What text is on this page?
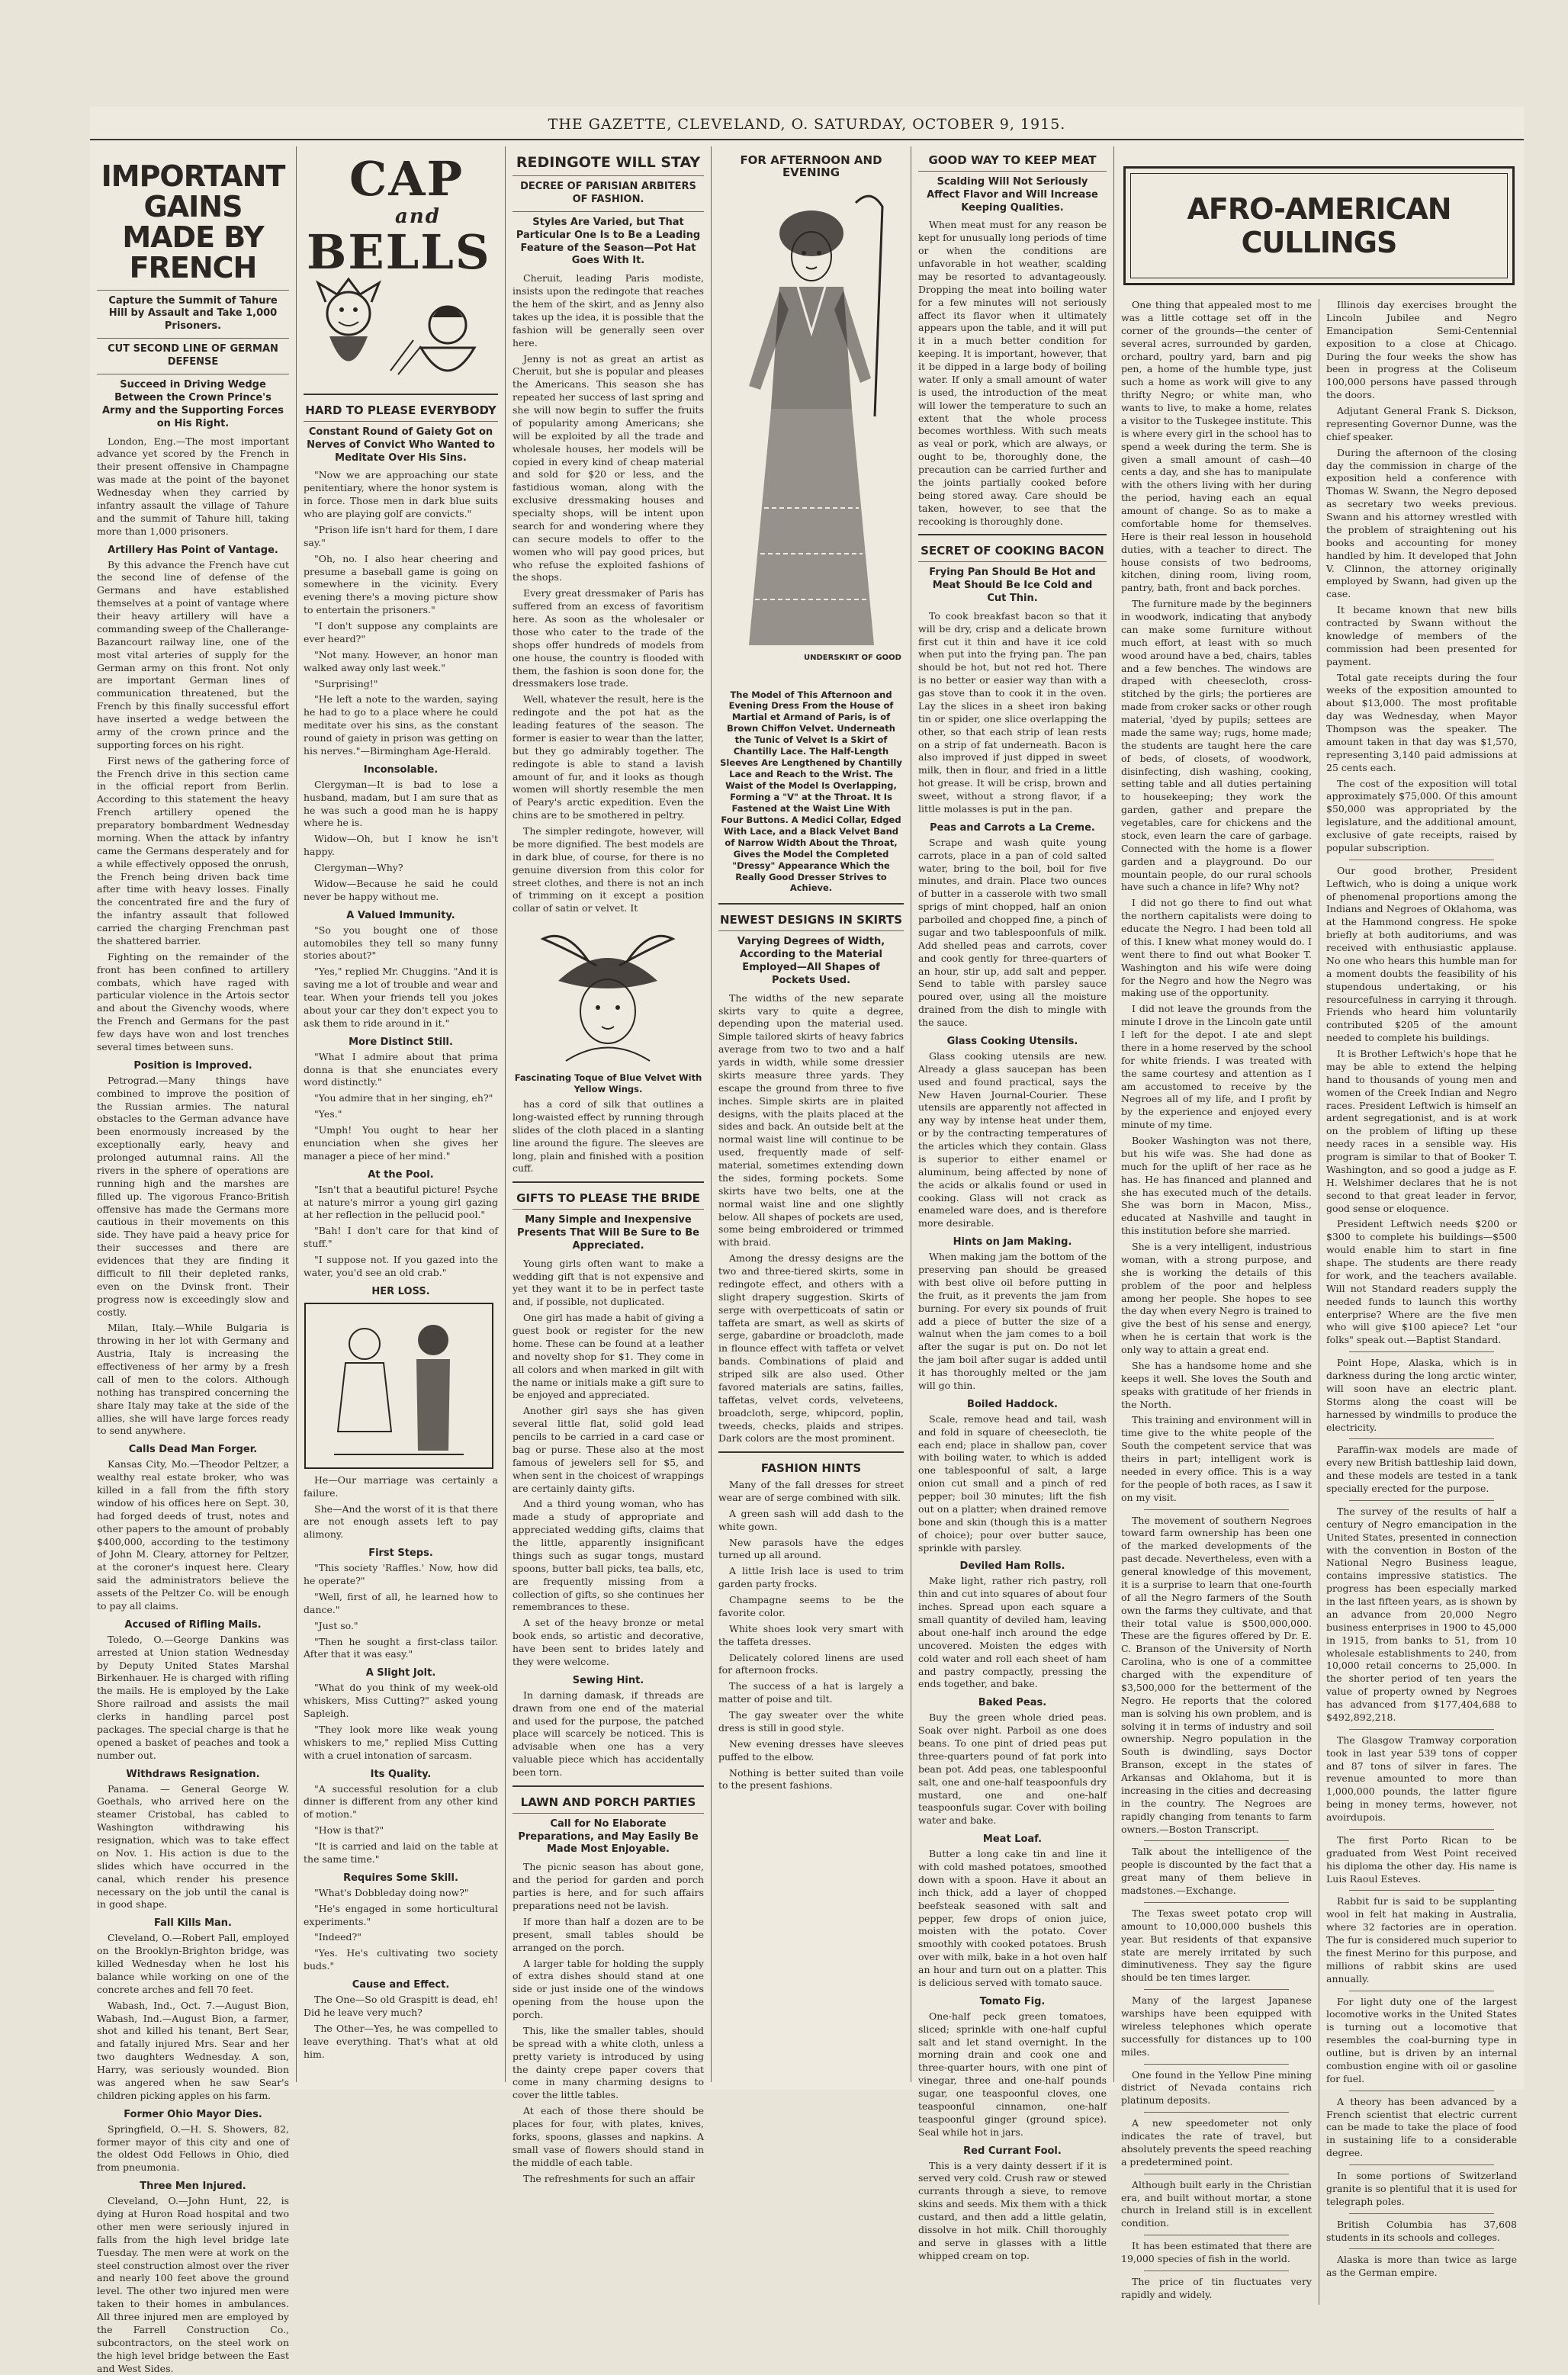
THE GAZETTE, CLEVELAND, O. SATURDAY, OCTOBER 9, 1915.
IMPORTANT GAINS MADE BY FRENCH
Capture the Summit of Tahure Hill by Assault and Take 1,000 Prisoners.
CUT SECOND LINE OF GERMAN DEFENSE
Succeed in Driving Wedge Between the Crown Prince's Army and the Supporting Forces on His Right.

London, Eng.—The most important advance yet scored by the French in their present offensive in Champagne was made at the point of the bayonet Wednesday when they carried by infantry assault the village of Tahure and the summit of Tahure hill, taking more than 1,000 prisoners.

Artillery Has Point of Vantage.

By this advance the French have cut the second line of defense of the Germans and have established themselves at a point of vantage where their heavy artillery will have a commanding sweep of the Challerange-Bazancourt railway line, one of the most vital arteries of supply for the German army on this front. Not only are important German lines of communication threatened, but the French by this finally successful effort have inserted a wedge between the army of the crown prince and the supporting forces on his right.

First news of the gathering force of the French drive in this section came in the official report from Berlin. According to this statement the heavy French artillery opened the preparatory bombardment Wednesday morning. When the attack by infantry came the Germans desperately and for a while effectively opposed the onrush, the French being driven back time after time with heavy losses. Finally the concentrated fire and the fury of the infantry assault that followed carried the charging Frenchman past the shattered barrier.

Fighting on the remainder of the front has been confined to artillery combats, which have raged with particular violence in the Artois sector and about the Givenchy woods, where the French and Germans for the past few days have won and lost trenches several times between suns.

Position is Improved.

Petrograd.—Many things have combined to improve the position of the Russian armies. The natural obstacles to the German advance have been enormously increased by the exceptionally early, heavy and prolonged autumnal rains. All the rivers in the sphere of operations are running high and the marshes are filled up. The vigorous Franco-British offensive has made the Germans more cautious in their movements on this side. They have paid a heavy price for their successes and there are evidences that they are finding it difficult to fill their depleted ranks, even on the Dvinsk front. Their progress now is exceedingly slow and costly.

Milan, Italy.—While Bulgaria is throwing in her lot with Germany and Austria, Italy is increasing the effectiveness of her army by a fresh call of men to the colors. Although nothing has transpired concerning the share Italy may take at the side of the allies, she will have large forces ready to send anywhere.

Calls Dead Man Forger.

Kansas City, Mo.—Theodor Peltzer, a wealthy real estate broker, who was killed in a fall from the fifth story window of his offices here on Sept. 30, had forged deeds of trust, notes and other papers to the amount of probably $400,000, according to the testimony of John M. Cleary, attorney for Peltzer, at the coroner's inquest here. Cleary said the administrators believe the assets of the Peltzer Co. will be enough to pay all claims.

Accused of Rifling Mails.

Toledo, O.—George Dankins was arrested at Union station Wednesday by Deputy United States Marshal Birkenhauer. He is charged with rifling the mails. He is employed by the Lake Shore railroad and assists the mail clerks in handling parcel post packages. The special charge is that he opened a basket of peaches and took a number out.

Withdraws Resignation.

Panama. — General George W. Goethals, who arrived here on the steamer Cristobal, has cabled to Washington withdrawing his resignation, which was to take effect on Nov. 1. His action is due to the slides which have occurred in the canal, which render his presence necessary on the job until the canal is in good shape.

Fall Kills Man.

Cleveland, O.—Robert Pall, employed on the Brooklyn-Brighton bridge, was killed Wednesday when he lost his balance while working on one of the concrete arches and fell 70 feet.

Wabash, Ind., Oct. 7.—August Bion, Wabash, Ind.—August Bion, a farmer, shot and killed his tenant, Bert Sear, and fatally injured Mrs. Sear and her two daughters Wednesday. A son, Harry, was seriously wounded. Bion was angered when he saw Sear's children picking apples on his farm.

Former Ohio Mayor Dies.

Springfield, O.—H. S. Showers, 82, former mayor of this city and one of the oldest Odd Fellows in Ohio, died from pneumonia.

Three Men Injured.

Cleveland, O.—John Hunt, 22, is dying at Huron Road hospital and two other men were seriously injured in falls from the high level bridge late Tuesday. The men were at work on the steel construction almost over the river and nearly 100 feet above the ground level. The other two injured men were taken to their homes in ambulances. All three injured men are employed by the Farrell Construction Co., subcontractors, on the steel work on the high level bridge between the East and West Sides.

CAP
and
BELLS
HARD TO PLEASE EVERYBODY
Constant Round of Gaiety Got on Nerves of Convict Who Wanted to Meditate Over His Sins.

"Now we are approaching our state penitentiary, where the honor system is in force. Those men in dark blue suits who are playing golf are convicts."

"Prison life isn't hard for them, I dare say."

"Oh, no. I also hear cheering and presume a baseball game is going on somewhere in the vicinity. Every evening there's a moving picture show to entertain the prisoners."

"I don't suppose any complaints are ever heard?"

"Not many. However, an honor man walked away only last week."

"Surprising!"

"He left a note to the warden, saying he had to go to a place where he could meditate over his sins, as the constant round of gaiety in prison was getting on his nerves."—Birmingham Age-Herald.

Inconsolable.

Clergyman—It is bad to lose a husband, madam, but I am sure that as he was such a good man he is happy where he is.

Widow—Oh, but I know he isn't happy.

Clergyman—Why?

Widow—Because he said he could never be happy without me.

A Valued Immunity.

"So you bought one of those automobiles they tell so many funny stories about?"

"Yes," replied Mr. Chuggins. "And it is saving me a lot of trouble and wear and tear. When your friends tell you jokes about your car they don't expect you to ask them to ride around in it."

More Distinct Still.

"What I admire about that prima donna is that she enunciates every word distinctly."

"You admire that in her singing, eh?"

"Yes."

"Umph! You ought to hear her enunciation when she gives her manager a piece of her mind."

At the Pool.

"Isn't that a beautiful picture! Psyche at nature's mirror a young girl gazing at her reflection in the pellucid pool."

"Bah! I don't care for that kind of stuff."

"I suppose not. If you gazed into the water, you'd see an old crab."

HER LOSS.

He—Our marriage was certainly a failure.

She—And the worst of it is that there are not enough assets left to pay alimony.

First Steps.

"This society 'Raffles.' Now, how did he operate?"

"Well, first of all, he learned how to dance."

"Just so."

"Then he sought a first-class tailor. After that it was easy."

A Slight Jolt.

"What do you think of my week-old whiskers, Miss Cutting?" asked young Sapleigh.

"They look more like weak young whiskers to me," replied Miss Cutting with a cruel intonation of sarcasm.

Its Quality.

"A successful resolution for a club dinner is different from any other kind of motion."

"How is that?"

"It is carried and laid on the table at the same time."

Requires Some Skill.

"What's Dobbleday doing now?"

"He's engaged in some horticultural experiments."

"Indeed?"

"Yes. He's cultivating two society buds."

Cause and Effect.

The One—So old Graspitt is dead, eh! Did he leave very much?

The Other—Yes, he was compelled to leave everything. That's what at old him.

REDINGOTE WILL STAY
DECREE OF PARISIAN ARBITERS OF FASHION.
Styles Are Varied, but That Particular One Is to Be a Leading Feature of the Season—Pot Hat Goes With It.

Cheruit, leading Paris modiste, insists upon the redingote that reaches the hem of the skirt, and as Jenny also takes up the idea, it is possible that the fashion will be generally seen over here.

Jenny is not as great an artist as Cheruit, but she is popular and pleases the Americans. This season she has repeated her success of last spring and she will now begin to suffer the fruits of popularity among Americans; she will be exploited by all the trade and wholesale houses, her models will be copied in every kind of cheap material and sold for $20 or less, and the fastidious woman, along with the exclusive dressmaking houses and specialty shops, will be intent upon search for and wondering where they can secure models to offer to the women who will pay good prices, but who refuse the exploited fashions of the shops.

Every great dressmaker of Paris has suffered from an excess of favoritism here. As soon as the wholesaler or those who cater to the trade of the shops offer hundreds of models from one house, the country is flooded with them, the fashion is soon done for, the dressmakers lose trade.

Well, whatever the result, here is the redingote and the pot hat as the leading features of the season. The former is easier to wear than the latter, but they go admirably together. The redingote is able to stand a lavish amount of fur, and it looks as though women will shortly resemble the men of Peary's arctic expedition. Even the chins are to be smothered in peltry.

The simpler redingote, however, will be more dignified. The best models are in dark blue, of course, for there is no genuine diversion from this color for street clothes, and there is not an inch of trimming on it except a position collar of satin or velvet. It

Fascinating Toque of Blue Velvet With Yellow Wings.

has a cord of silk that outlines a long-waisted effect by running through slides of the cloth placed in a slanting line around the figure. The sleeves are long, plain and finished with a position cuff.

GIFTS TO PLEASE THE BRIDE
Many Simple and Inexpensive Presents That Will Be Sure to Be Appreciated.

Young girls often want to make a wedding gift that is not expensive and yet they want it to be in perfect taste and, if possible, not duplicated.

One girl has made a habit of giving a guest book or register for the new home. These can be found at a leather and novelty shop for $1. They come in all colors and when marked in gilt with the name or initials make a gift sure to be enjoyed and appreciated.

Another girl says she has given several little flat, solid gold lead pencils to be carried in a card case or bag or purse. These also at the most famous of jewelers sell for $5, and when sent in the choicest of wrappings are certainly dainty gifts.

And a third young woman, who has made a study of appropriate and appreciated wedding gifts, claims that the little, apparently insignificant things such as sugar tongs, mustard spoons, butter ball picks, tea balls, etc, are frequently missing from a collection of gifts, so she continues her remembrances to these.

A set of the heavy bronze or metal book ends, so artistic and decorative, have been sent to brides lately and they were welcome.

Sewing Hint.

In darning damask, if threads are drawn from one end of the material and used for the purpose, the patched place will scarcely be noticed. This is advisable when one has a very valuable piece which has accidentally been torn.

LAWN AND PORCH PARTIES
Call for No Elaborate Preparations, and May Easily Be Made Most Enjoyable.

The picnic season has about gone, and the period for garden and porch parties is here, and for such affairs preparations need not be lavish.

If more than half a dozen are to be present, small tables should be arranged on the porch.

A larger table for holding the supply of extra dishes should stand at one side or just inside one of the windows opening from the house upon the porch.

This, like the smaller tables, should be spread with a white cloth, unless a pretty variety is introduced by using the dainty crepe paper covers that come in many charming designs to cover the little tables.

At each of those there should be places for four, with plates, knives, forks, spoons, glasses and napkins. A small vase of flowers should stand in the middle of each table.

The refreshments for such an affair

FOR AFTERNOON AND EVENING
UNDERSKIRT OF GOOD
The Model of This Afternoon and Evening Dress From the House of Martial et Armand of Paris, is of Brown Chiffon Velvet. Underneath the Tunic of Velvet Is a Skirt of Chantilly Lace. The Half-Length Sleeves Are Lengthened by Chantilly Lace and Reach to the Wrist. The Waist of the Model Is Overlapping, Forming a "V" at the Throat. It Is Fastened at the Waist Line With Four Buttons. A Medici Collar, Edged With Lace, and a Black Velvet Band of Narrow Width About the Throat, Gives the Model the Completed "Dressy" Appearance Which the Really Good Dresser Strives to Achieve.
NEWEST DESIGNS IN SKIRTS
Varying Degrees of Width, According to the Material Employed—All Shapes of Pockets Used.

The widths of the new separate skirts vary to quite a degree, depending upon the material used. Simple tailored skirts of heavy fabrics average from two to two and a half yards in width, while some dressier skirts measure three yards. They escape the ground from three to five inches. Simple skirts are in plaited designs, with the plaits placed at the sides and back. An outside belt at the normal waist line will continue to be used, frequently made of self-material, sometimes extending down the sides, forming pockets. Some skirts have two belts, one at the normal waist line and one slightly below. All shapes of pockets are used, some being embroidered or trimmed with braid.

Among the dressy designs are the two and three-tiered skirts, some in redingote effect, and others with a slight drapery suggestion. Skirts of serge with overpetticoats of satin or taffeta are smart, as well as skirts of serge, gabardine or broadcloth, made in flounce effect with taffeta or velvet bands. Combinations of plaid and striped silk are also used. Other favored materials are satins, failles, taffetas, velvet cords, velveteens, broadcloth, serge, whipcord, poplin, tweeds, checks, plaids and stripes. Dark colors are the most prominent.

FASHION HINTS

Many of the fall dresses for street wear are of serge combined with silk.

A green sash will add dash to the white gown.

New parasols have the edges turned up all around.

A little Irish lace is used to trim garden party frocks.

Champagne seems to be the favorite color.

White shoes look very smart with the taffeta dresses.

Delicately colored linens are used for afternoon frocks.

The success of a hat is largely a matter of poise and tilt.

The gay sweater over the white dress is still in good style.

New evening dresses have sleeves puffed to the elbow.

Nothing is better suited than voile to the present fashions.

GOOD WAY TO KEEP MEAT
Scalding Will Not Seriously Affect Flavor and Will Increase Keeping Qualities.

When meat must for any reason be kept for unusually long periods of time or when the conditions are unfavorable in hot weather, scalding may be resorted to advantageously. Dropping the meat into boiling water for a few minutes will not seriously affect its flavor when it ultimately appears upon the table, and it will put it in a much better condition for keeping. It is important, however, that it be dipped in a large body of boiling water. If only a small amount of water is used, the introduction of the meat will lower the temperature to such an extent that the whole process becomes worthless. With such meats as veal or pork, which are always, or ought to be, thoroughly done, the precaution can be carried further and the joints partially cooked before being stored away. Care should be taken, however, to see that the recooking is thoroughly done.

SECRET OF COOKING BACON
Frying Pan Should Be Hot and Meat Should Be Ice Cold and Cut Thin.

To cook breakfast bacon so that it will be dry, crisp and a delicate brown first cut it thin and have it ice cold when put into the frying pan. The pan should be hot, but not red hot. There is no better or easier way than with a gas stove than to cook it in the oven. Lay the slices in a sheet iron baking tin or spider, one slice overlapping the other, so that each strip of lean rests on a strip of fat underneath. Bacon is also improved if just dipped in sweet milk, then in flour, and fried in a little hot grease. It will be crisp, brown and sweet, without a strong flavor, if a little molasses is put in the pan.

Peas and Carrots a La Creme.

Scrape and wash quite young carrots, place in a pan of cold salted water, bring to the boil, boil for five minutes, and drain. Place two ounces of butter in a casserole with two small sprigs of mint chopped, half an onion parboiled and chopped fine, a pinch of sugar and two tablespoonfuls of milk. Add shelled peas and carrots, cover and cook gently for three-quarters of an hour, stir up, add salt and pepper. Send to table with parsley sauce poured over, using all the moisture drained from the dish to mingle with the sauce.

Glass Cooking Utensils.

Glass cooking utensils are new. Already a glass saucepan has been used and found practical, says the New Haven Journal-Courier. These utensils are apparently not affected in any way by intense heat under them, or by the contracting temperatures of the articles which they contain. Glass is superior to either enamel or aluminum, being affected by none of the acids or alkalis found or used in cooking. Glass will not crack as enameled ware does, and is therefore more desirable.

Hints on Jam Making.

When making jam the bottom of the preserving pan should be greased with best olive oil before putting in the fruit, as it prevents the jam from burning. For every six pounds of fruit add a piece of butter the size of a walnut when the jam comes to a boil after the sugar is put on. Do not let the jam boil after sugar is added until it has thoroughly melted or the jam will go thin.

Boiled Haddock.

Scale, remove head and tail, wash and fold in square of cheesecloth, tie each end; place in shallow pan, cover with boiling water, to which is added one tablespoonful of salt, a large onion cut small and a pinch of red pepper; boil 30 minutes; lift the fish out on a platter; when drained remove bone and skin (though this is a matter of choice); pour over butter sauce, sprinkle with parsley.

Deviled Ham Rolls.

Make light, rather rich pastry, roll thin and cut into squares of about four inches. Spread upon each square a small quantity of deviled ham, leaving about one-half inch around the edge uncovered. Moisten the edges with cold water and roll each sheet of ham and pastry compactly, pressing the ends together, and bake.

Baked Peas.

Buy the green whole dried peas. Soak over night. Parboil as one does beans. To one pint of dried peas put three-quarters pound of fat pork into bean pot. Add peas, one tablespoonful salt, one and one-half teaspoonfuls dry mustard, one and one-half teaspoonfuls sugar. Cover with boiling water and bake.

Meat Loaf.

Butter a long cake tin and line it with cold mashed potatoes, smoothed down with a spoon. Have it about an inch thick, add a layer of chopped beefsteak seasoned with salt and pepper, few drops of onion juice, moisten with the potato. Cover smoothly with cooked potatoes. Brush over with milk, bake in a hot oven half an hour and turn out on a platter. This is delicious served with tomato sauce.

Tomato Fig.

One-half peck green tomatoes, sliced; sprinkle with one-half cupful salt and let stand overnight. In the morning drain and cook one and three-quarter hours, with one pint of vinegar, three and one-half pounds sugar, one teaspoonful cloves, one teaspoonful cinnamon, one-half teaspoonful ginger (ground spice). Seal while hot in jars.

Red Currant Fool.

This is a very dainty dessert if it is served very cold. Crush raw or stewed currants through a sieve, to remove skins and seeds. Mix them with a thick custard, and then add a little gelatin, dissolve in hot milk. Chill thoroughly and serve in glasses with a little whipped cream on top.

AFRO-AMERICAN CULLINGS

One thing that appealed most to me was a little cottage set off in the corner of the grounds—the center of several acres, surrounded by garden, orchard, poultry yard, barn and pig pen, a home of the humble type, just such a home as work will give to any thrifty Negro; or white man, who wants to live, to make a home, relates a visitor to the Tuskegee institute. This is where every girl in the school has to spend a week during the term. She is given a small amount of cash—40 cents a day, and she has to manipulate with the others living with her during the period, having each an equal amount of change. So as to make a comfortable home for themselves. Here is their real lesson in household duties, with a teacher to direct. The house consists of two bedrooms, kitchen, dining room, living room, pantry, bath, front and back porches.

The furniture made by the beginners in woodwork, indicating that anybody can make some furniture without much effort, at least with so much wood around have a bed, chairs, tables and a few benches. The windows are draped with cheesecloth, cross-stitched by the girls; the portieres are made from croker sacks or other rough material, 'dyed by pupils; settees are made the same way; rugs, home made; the students are taught here the care of beds, of closets, of woodwork, disinfecting, dish washing, cooking, setting table and all duties pertaining to housekeeping; they work the garden, gather and prepare the vegetables, care for chickens and the stock, even learn the care of garbage. Connected with the home is a flower garden and a playground. Do our mountain people, do our rural schools have such a chance in life? Why not?

I did not go there to find out what the northern capitalists were doing to educate the Negro. I had been told all of this. I knew what money would do. I went there to find out what Booker T. Washington and his wife were doing for the Negro and how the Negro was making use of the opportunity.

I did not leave the grounds from the minute I drove in the Lincoln gate until I left for the depot. I ate and slept there in a home reserved by the school for white friends. I was treated with the same courtesy and attention as I am accustomed to receive by the Negroes all of my life, and I profit by by the experience and enjoyed every minute of my time.

Booker Washington was not there, but his wife was. She had done as much for the uplift of her race as he has. He has financed and planned and she has executed much of the details. She was born in Macon, Miss., educated at Nashville and taught in this institution before she married.

She is a very intelligent, industrious woman, with a strong purpose, and she is working the details of this problem of the poor and helpless among her people. She hopes to see the day when every Negro is trained to give the best of his sense and energy, when he is certain that work is the only way to attain a great end.

She has a handsome home and she keeps it well. She loves the South and speaks with gratitude of her friends in the North.

This training and environment will in time give to the white people of the South the competent service that was theirs in part; intelligent work is needed in every office. This is a way for the people of both races, as I saw it on my visit.

The movement of southern Negroes toward farm ownership has been one of the marked developments of the past decade. Nevertheless, even with a general knowledge of this movement, it is a surprise to learn that one-fourth of all the Negro farmers of the South own the farms they cultivate, and that their total value is $500,000,000. These are the figures offered by Dr. E. C. Branson of the University of North Carolina, who is one of a committee charged with the expenditure of $3,500,000 for the betterment of the Negro. He reports that the colored man is solving his own problem, and is solving it in terms of industry and soil ownership. Negro population in the South is dwindling, says Doctor Branson, except in the states of Arkansas and Oklahoma, but it is increasing in the cities and decreasing in the country. The Negroes are rapidly changing from tenants to farm owners.—Boston Transcript.

Talk about the intelligence of the people is discounted by the fact that a great many of them believe in madstones.—Exchange.

The Texas sweet potato crop will amount to 10,000,000 bushels this year. But residents of that expansive state are merely irritated by such diminutiveness. They say the figure should be ten times larger.

Many of the largest Japanese warships have been equipped with wireless telephones which operate successfully for distances up to 100 miles.

One found in the Yellow Pine mining district of Nevada contains rich platinum deposits.

A new speedometer not only indicates the rate of travel, but absolutely prevents the speed reaching a predetermined point.

Although built early in the Christian era, and built without mortar, a stone church in Ireland still is in excellent condition.

It has been estimated that there are 19,000 species of fish in the world.

The price of tin fluctuates very rapidly and widely.

Illinois day exercises brought the Lincoln Jubilee and Negro Emancipation Semi-Centennial exposition to a close at Chicago. During the four weeks the show has been in progress at the Coliseum 100,000 persons have passed through the doors.

Adjutant General Frank S. Dickson, representing Governor Dunne, was the chief speaker.

During the afternoon of the closing day the commission in charge of the exposition held a conference with Thomas W. Swann, the Negro deposed as secretary two weeks previous. Swann and his attorney wrestled with the problem of straightening out his books and accounting for money handled by him. It developed that John V. Clinnon, the attorney originally employed by Swann, had given up the case.

It became known that new bills contracted by Swann without the knowledge of members of the commission had been presented for payment.

Total gate receipts during the four weeks of the exposition amounted to about $13,000. The most profitable day was Wednesday, when Mayor Thompson was the speaker. The amount taken in that day was $1,570, representing 3,140 paid admissions at 25 cents each.

The cost of the exposition will total approximately $75,000. Of this amount $50,000 was appropriated by the legislature, and the additional amount, exclusive of gate receipts, raised by popular subscription.

Our good brother, President Leftwich, who is doing a unique work of phenomenal proportions among the Indians and Negroes of Oklahoma, was at the Hammond congress. He spoke briefly at both auditoriums, and was received with enthusiastic applause. No one who hears this humble man for a moment doubts the feasibility of his stupendous undertaking, or his resourcefulness in carrying it through. Friends who heard him voluntarily contributed $205 of the amount needed to complete his buildings.

It is Brother Leftwich's hope that he may be able to extend the helping hand to thousands of young men and women of the Creek Indian and Negro races. President Leftwich is himself an ardent segregationist, and is at work on the problem of lifting up these needy races in a sensible way. His program is similar to that of Booker T. Washington, and so good a judge as F. H. Welshimer declares that he is not second to that great leader in fervor, good sense or eloquence.

President Leftwich needs $200 or $300 to complete his buildings—$500 would enable him to start in fine shape. The students are there ready for work, and the teachers available. Will not Standard readers supply the needed funds to launch this worthy enterprise? Where are the five men who will give $100 apiece? Let "our folks" speak out.—Baptist Standard.

Point Hope, Alaska, which is in darkness during the long arctic winter, will soon have an electric plant. Storms along the coast will be harnessed by windmills to produce the electricity.

Paraffin-wax models are made of every new British battleship laid down, and these models are tested in a tank specially erected for the purpose.

The survey of the results of half a century of Negro emancipation in the United States, presented in connection with the convention in Boston of the National Negro Business league, contains impressive statistics. The progress has been especially marked in the last fifteen years, as is shown by an advance from 20,000 Negro business enterprises in 1900 to 45,000 in 1915, from banks to 51, from 10 wholesale establishments to 240, from 10,000 retail concerns to 25,000. In the shorter period of ten years the value of property owned by Negroes has advanced from $177,404,688 to $492,892,218.

The Glasgow Tramway corporation took in last year 539 tons of copper and 87 tons of silver in fares. The revenue amounted to more than 1,000,000 pounds, the latter figure being in money terms, however, not avoirdupois.

The first Porto Rican to be graduated from West Point received his diploma the other day. His name is Luis Raoul Esteves.

Rabbit fur is said to be supplanting wool in felt hat making in Australia, where 32 factories are in operation. The fur is considered much superior to the finest Merino for this purpose, and millions of rabbit skins are used annually.

For light duty one of the largest locomotive works in the United States is turning out a locomotive that resembles the coal-burning type in outline, but is driven by an internal combustion engine with oil or gasoline for fuel.

A theory has been advanced by a French scientist that electric current can be made to take the place of food in sustaining life to a considerable degree.

In some portions of Switzerland granite is so plentiful that it is used for telegraph poles.

British Columbia has 37,608 students in its schools and colleges.

Alaska is more than twice as large as the German empire.
